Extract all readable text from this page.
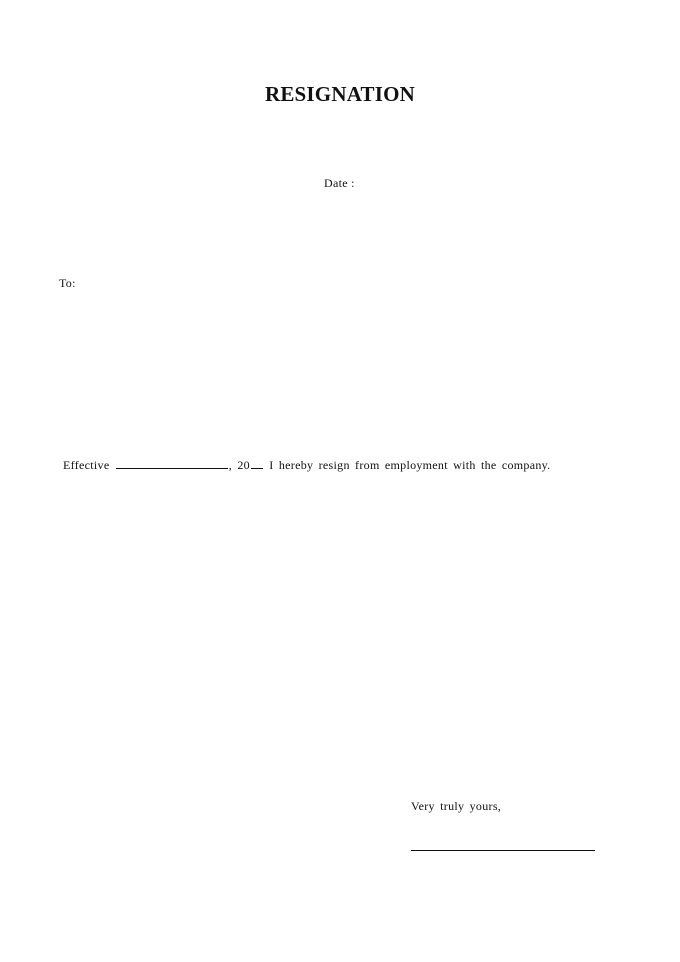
RESIGNATION
Date :
To:
Effective	, 20 I hereby resign from employment with the company.
Very truly yours,
